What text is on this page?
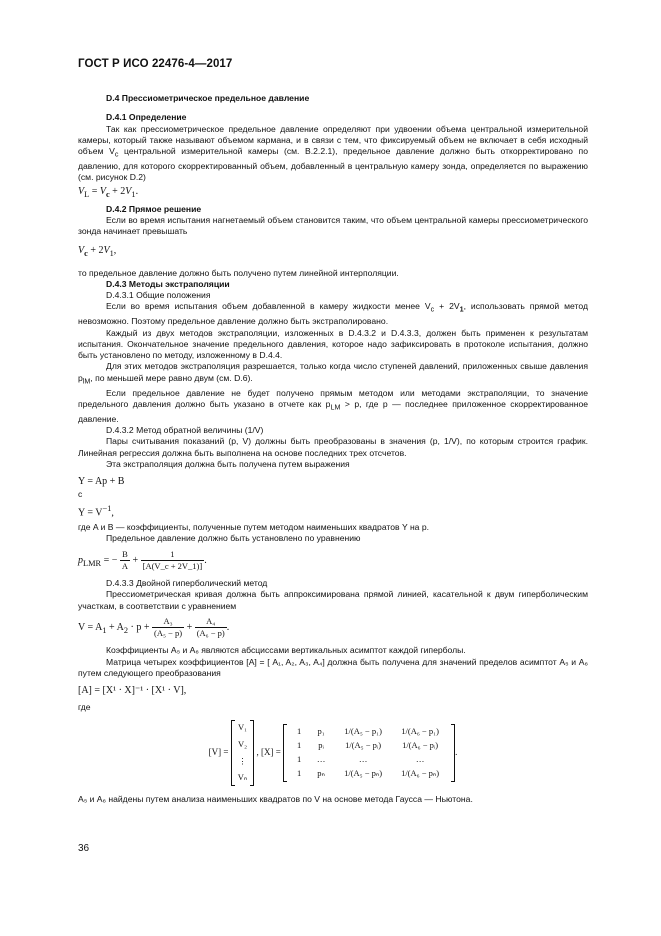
ГОСТ Р ИСО 22476-4—2017

D.4 Прессиометрическое предельное давление

D.4.1 Определение

Так как прессиометрическое предельное давление определяют при удвоении объема центральной измерительной камеры, который также называют объемом кармана, и в связи с тем, что фиксируемый объем не включает в себя исходный объем $V_c$ центральной измерительной камеры (см. B.2.2.1), предельное давление должно быть откорректировано по давлению, для которого скорректированный объем, добавленный в центральную камеру зонда, определяется по выражению (см. рисунок D.2)

$V_L = V_c + 2V_1$.

D.4.2 Прямое решение

Если во время испытания нагнетаемый объем становится таким, что объем центральной камеры прессиометрического зонда начинает превышать

$V_c + 2V_1$,

то предельное давление должно быть получено путем линейной интерполяции.

D.4.3 Методы экстраполяции

D.4.3.1 Общие положения

Если во время испытания объем добавленной в камеру жидкости менее $V_c + 2V_1$, использовать прямой метод невозможно. Поэтому предельное давление должно быть экстраполировано.

Каждый из двух методов экстраполяции, изложенных в D.4.3.2 и D.4.3.3, должен быть применен к результатам испытания. Окончательное значение предельного давления, которое надо зафиксировать в протоколе испытания, должно быть установлено по методу, изложенному в D.4.4.

Для этих методов экстраполяция разрешается, только когда число ступеней давлений, приложенных свыше давления $p_{lM}$, по меньшей мере равно двум (см. D.6).

Если предельное давление не будет получено прямым методом или методами экстраполяции, то значение предельного давления должно быть указано в отчете как $p_{LM} > p$, где p — последнее приложенное скорректированное давление.

D.4.3.2 Метод обратной величины (1/V)

Пары считывания показаний (p, V) должны быть преобразованы в значения (p, 1/V), по которым строится график. Линейная регрессия должна быть выполнена на основе последних трех отсчетов.

Эта экстраполяция должна быть получена путем выражения

Y = Ap + B

с

$Y = V^{-1}$,

где A и B — коэффициенты, полученные путем методом наименьших квадратов Y на p.

Предельное давление должно быть установлено по уравнению

$p_{LMR}$ = − $\frac{B}{A} + \frac{1}{[A(V\_c + 2V\_1)]}$ .

D.4.3.3 Двойной гиперболический метод

Прессиометрическая кривая должна быть аппроксимирована прямой линией, касательной к двум гиперболическим участкам, в соответствии с уравнением

$V = A_1 + A_2 \cdot p + \frac{\text{A₃}}{\text{(A₅ − p)}} + \frac{\text{A₄}}{\text{(A₆ − p)}}$ .

Коэффициенты A₅ и A₆ являются абсциссами вертикальных асимптот каждой гиперболы.

Матрица четырех коэффициентов [A] = [ A₁, A₂, A₃, A₄] должна быть получена для значений пределов асимптот A₅ и A₆ путем следующего преобразования

[A] = [X¹ · X]⁻¹ · [X¹ · V],

где

[V] =
V₁
V₂
⋮
Vₙ
, [X] =
1	p₁	1/(A₅ − p₁)	1/(A₆ − p₁)
1	pᵢ	1/(A₅ − pᵢ)	1/(A₆ − pᵢ)
1	…	…	…
1	pₙ	1/(A₅ − pₙ)	1/(A₆ − pₙ)
.

A₅ и A₆ найдены путем анализа наименьших квадратов по V на основе метода Гаусса — Ньютона.

36
